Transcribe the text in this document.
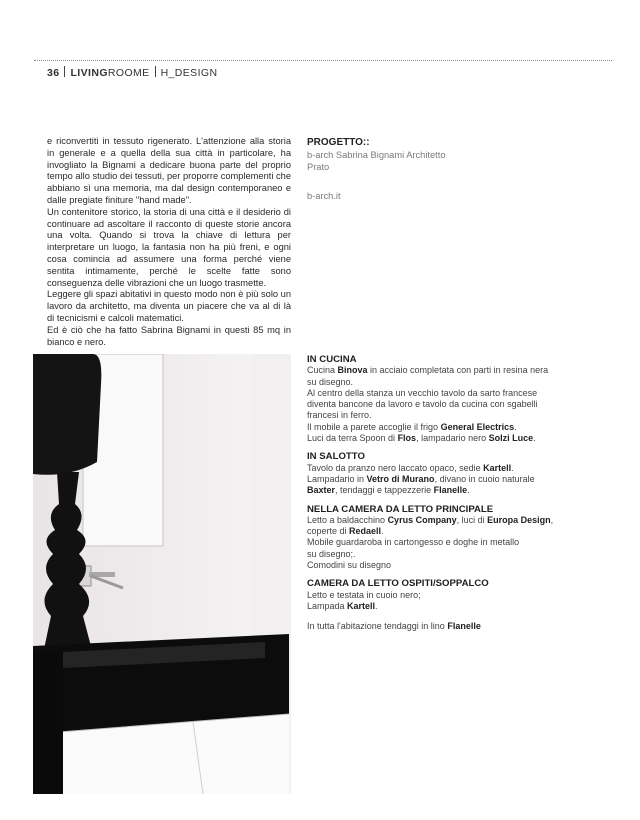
36 LIVINGROOME H_DESIGN

e riconvertiti in tessuto rigenerato. L'attenzione alla storia in generale e a quella della sua città in particolare, ha invogliato la Bignami a dedicare buona parte del proprio tempo allo studio dei tessuti, per proporre complementi che abbiano sì una memoria, ma dal design contemporaneo e dalle pregiate finiture "hand made".

Un contenitore storico, la storia di una città e il desiderio di continuare ad ascoltare il racconto di queste storie ancora una volta. Quando si trova la chiave di lettura per interpretare un luogo, la fantasia non ha più freni, e ogni cosa comincia ad assumere una forma perché viene sentita intimamente, perché le scelte fatte sono conseguenza delle vibrazioni che un luogo trasmette.

Leggere gli spazi abitativi in questo modo non è più solo un lavoro da architetto, ma diventa un piacere che va al di là di tecnicismi e calcoli matematici.

Ed è ciò che ha fatto Sabrina Bignami in questi 85 mq in bianco e nero.

PROGETTO::
b-arch Sabrina Bignami Architetto
Prato
b-arch.it
IN CUCINA
Cucina Binova in acciaio completata con parti in resina nera
su disegno.
Al centro della stanza un vecchio tavolo da sarto francese
diventa bancone da lavoro e tavolo da cucina con sgabelli
francesi in ferro.
Il mobile a parete accoglie il frigo General Electrics.
Luci da terra Spoon di Flos, lampadario nero Solzi Luce.
IN SALOTTO
Tavolo da pranzo nero laccato opaco, sedie Kartell.
Lampadario in Vetro di Murano, divano in cuoio naturale
Baxter, tendaggi e tappezzerie Flanelle.
NELLA CAMERA DA LETTO PRINCIPALE
Letto a baldacchino Cyrus Company, luci di Europa Design,
coperte di Redaell.
Mobile guardaroba in cartongesso e doghe in metallo
su disegno;.
Comodini su disegno
CAMERA DA LETTO OSPITI/SOPPALCO
Letto e testata in cuoio nero;
Lampada Kartell.
In tutta l'abitazione tendaggi in lino Flanelle
